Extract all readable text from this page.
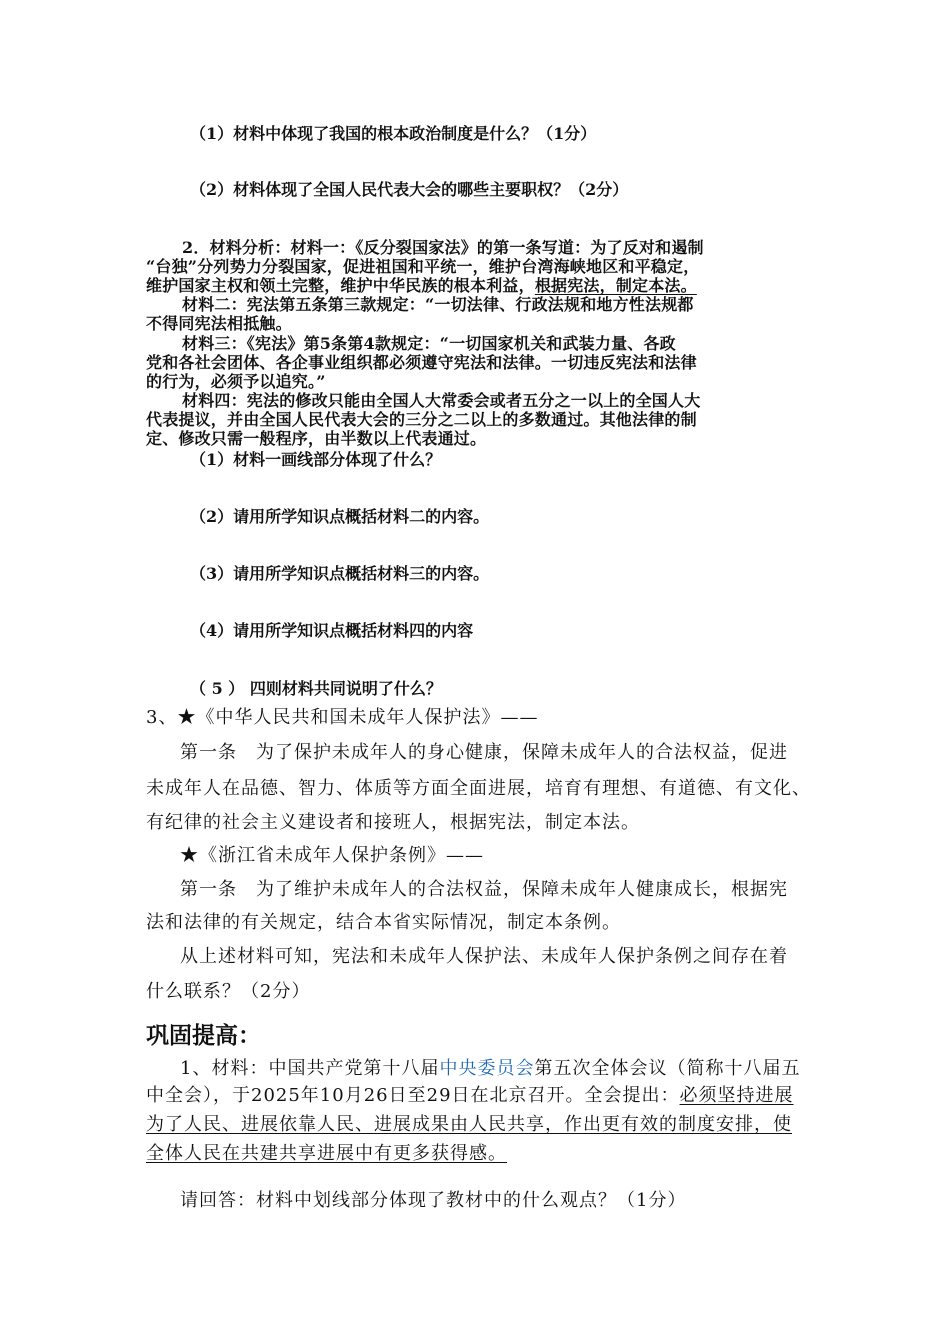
（1）材料中体现了我国的根本政治制度是什么？（1分）
（2）材料体现了全国人民代表大会的哪些主要职权？（2分）
2．材料分析：材料一：《反分裂国家法》的第一条写道：为了反对和遏制
“台独”分列势力分裂国家，促进祖国和平统一，维护台湾海峡地区和平稳定，
维护国家主权和领土完整，维护中华民族的根本利益，根据宪法，制定本法。
材料二：宪法第五条第三款规定：“一切法律、行政法规和地方性法规都
不得同宪法相抵触。
材料三：《宪法》第5条第4款规定：“一切国家机关和武装力量、各政
党和各社会团体、各企事业组织都必须遵守宪法和法律。一切违反宪法和法律
的行为，必须予以追究。”
材料四：宪法的修改只能由全国人大常委会或者五分之一以上的全国人大
代表提议，并由全国人民代表大会的三分之二以上的多数通过。其他法律的制
定、修改只需一般程序，由半数以上代表通过。
（1）材料一画线部分体现了什么？
（2）请用所学知识点概括材料二的内容。
（3）请用所学知识点概括材料三的内容。
（4）请用所学知识点概括材料四的内容
（ 5 ） 四则材料共同说明了什么？
3、★《中华人民共和国未成年人保护法》——
第一条　为了保护未成年人的身心健康，保障未成年人的合法权益，促进
未成年人在品德、智力、体质等方面全面进展，培育有理想、有道德、有文化、
有纪律的社会主义建设者和接班人，根据宪法，制定本法。
★《浙江省未成年人保护条例》——
第一条　为了维护未成年人的合法权益，保障未成年人健康成长，根据宪
法和法律的有关规定，结合本省实际情况，制定本条例。
从上述材料可知，宪法和未成年人保护法、未成年人保护条例之间存在着
什么联系？（2分）
巩固提高：
1、材料：中国共产党第十八届中央委员会第五次全体会议（简称十八届五
中全会），于2025年10月26日至29日在北京召开。全会提出：必须坚持进展
为了人民、进展依靠人民、进展成果由人民共享，作出更有效的制度安排，使
全体人民在共建共享进展中有更多获得感。
请回答：材料中划线部分体现了教材中的什么观点？（1分）
